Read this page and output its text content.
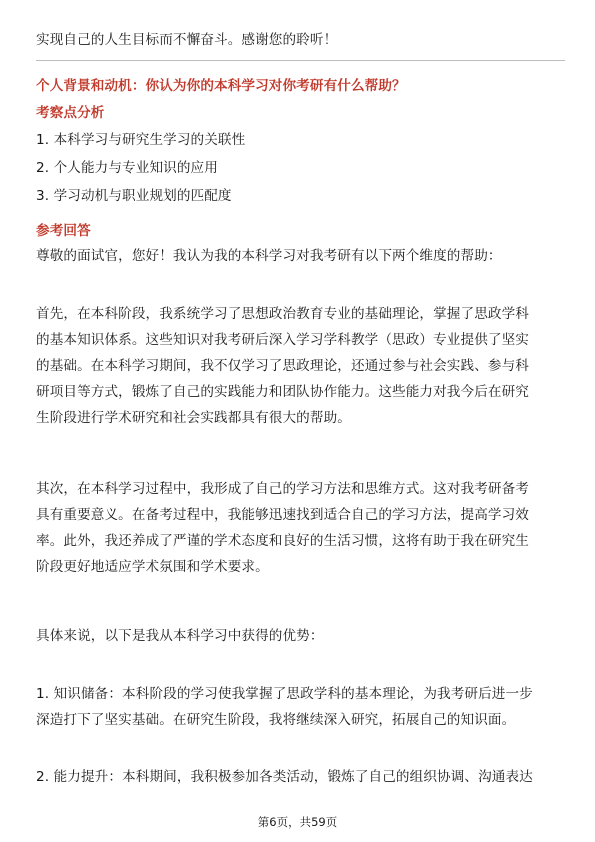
实现自己的人生目标而不懈奋斗。感谢您的聆听！
个人背景和动机：你认为你的本科学习对你考研有什么帮助？
考察点分析
1. 本科学习与研究生学习的关联性
2. 个人能力与专业知识的应用
3. 学习动机与职业规划的匹配度
参考回答
尊敬的面试官，您好！我认为我的本科学习对我考研有以下两个维度的帮助：
首先，在本科阶段，我系统学习了思想政治教育专业的基础理论，掌握了思政学科
的基本知识体系。这些知识对我考研后深入学习学科教学（思政）专业提供了坚实
的基础。在本科学习期间，我不仅学习了思政理论，还通过参与社会实践、参与科
研项目等方式，锻炼了自己的实践能力和团队协作能力。这些能力对我今后在研究
生阶段进行学术研究和社会实践都具有很大的帮助。
其次，在本科学习过程中，我形成了自己的学习方法和思维方式。这对我考研备考
具有重要意义。在备考过程中，我能够迅速找到适合自己的学习方法，提高学习效
率。此外，我还养成了严谨的学术态度和良好的生活习惯，这将有助于我在研究生
阶段更好地适应学术氛围和学术要求。
具体来说，以下是我从本科学习中获得的优势：
1. 知识储备：本科阶段的学习使我掌握了思政学科的基本理论，为我考研后进一步
深造打下了坚实基础。在研究生阶段，我将继续深入研究，拓展自己的知识面。
2. 能力提升：本科期间，我积极参加各类活动，锻炼了自己的组织协调、沟通表达
第6页，共59页
